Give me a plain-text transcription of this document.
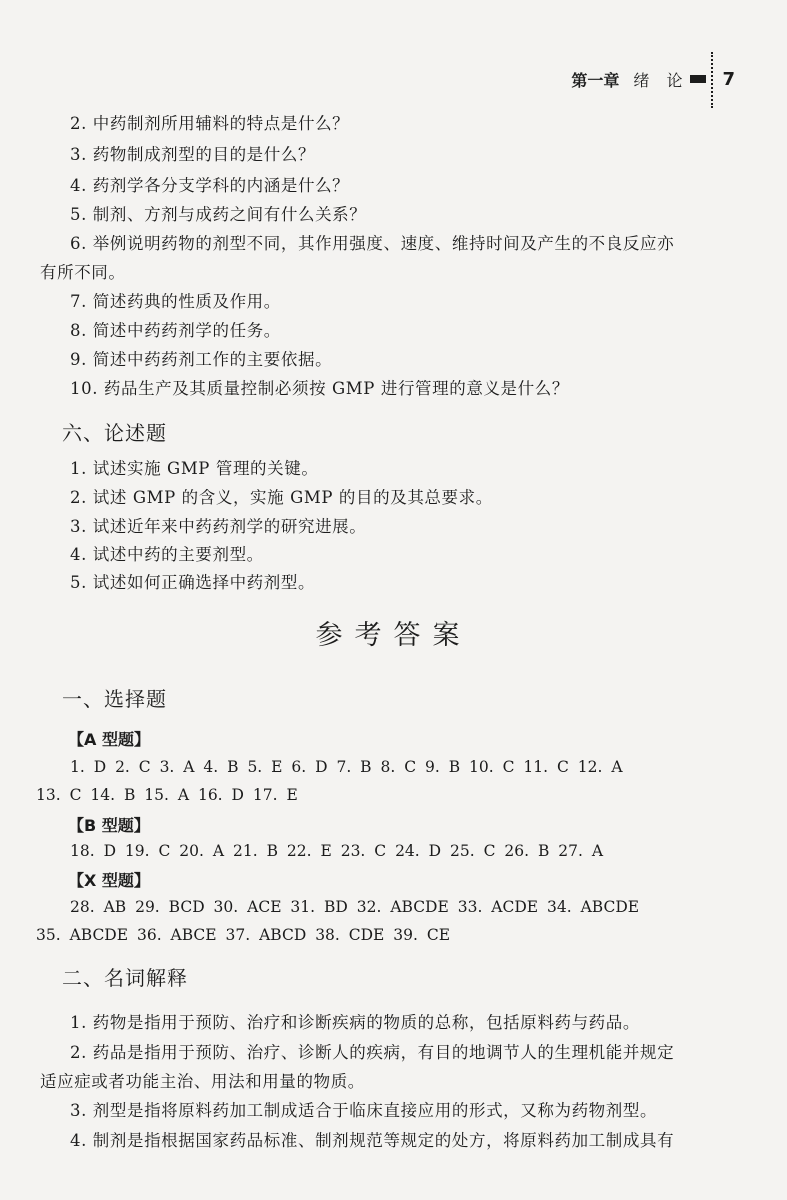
第一章 绪 论 7
2. 中药制剂所用辅料的特点是什么？
3. 药物制成剂型的目的是什么？
4. 药剂学各分支学科的内涵是什么？
5. 制剂、方剂与成药之间有什么关系？
6. 举例说明药物的剂型不同，其作用强度、速度、维持时间及产生的不良反应亦
有所不同。
7. 简述药典的性质及作用。
8. 简述中药药剂学的任务。
9. 简述中药药剂工作的主要依据。
10. 药品生产及其质量控制必须按 GMP 进行管理的意义是什么？
六、论述题
1. 试述实施 GMP 管理的关键。
2. 试述 GMP 的含义，实施 GMP 的目的及其总要求。
3. 试述近年来中药药剂学的研究进展。
4. 试述中药的主要剂型。
5. 试述如何正确选择中药剂型。
参考答案
一、选择题
【A 型题】
1. D 2. C 3. A 4. B 5. E 6. D 7. B 8. C 9. B 10. C 11. C 12. A
13. C 14. B 15. A 16. D 17. E
【B 型题】
18. D 19. C 20. A 21. B 22. E 23. C 24. D 25. C 26. B 27. A
【X 型题】
28. AB 29. BCD 30. ACE 31. BD 32. ABCDE 33. ACDE 34. ABCDE
35. ABCDE 36. ABCE 37. ABCD 38. CDE 39. CE
二、名词解释
1. 药物是指用于预防、治疗和诊断疾病的物质的总称，包括原料药与药品。
2. 药品是指用于预防、治疗、诊断人的疾病，有目的地调节人的生理机能并规定
适应症或者功能主治、用法和用量的物质。
3. 剂型是指将原料药加工制成适合于临床直接应用的形式，又称为药物剂型。
4. 制剂是指根据国家药品标准、制剂规范等规定的处方，将原料药加工制成具有
